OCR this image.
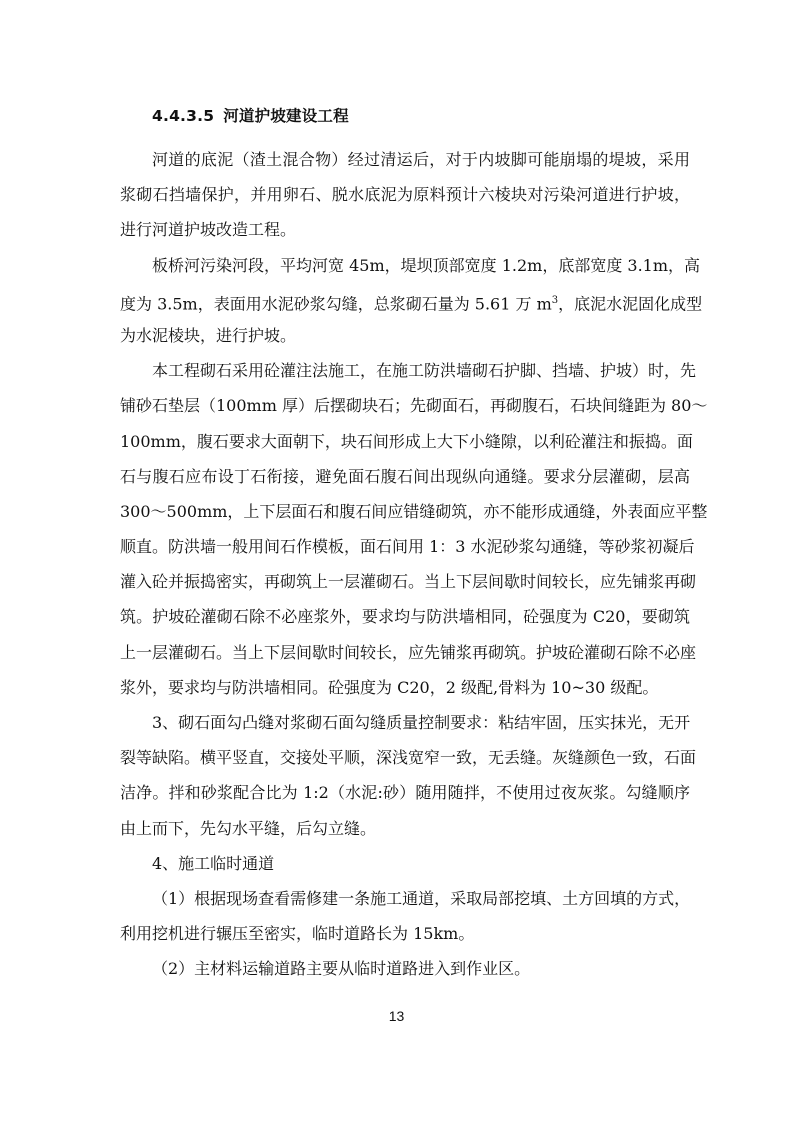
4.4.3.5 河道护坡建设工程
河道的底泥（渣土混合物）经过清运后，对于内坡脚可能崩塌的堤坡，采用
浆砌石挡墙保护，并用卵石、脱水底泥为原料预计六棱块对污染河道进行护坡，
进行河道护坡改造工程。
板桥河污染河段，平均河宽 45m，堤坝顶部宽度 1.2m，底部宽度 3.1m，高
度为 3.5m，表面用水泥砂浆勾缝，总浆砌石量为 5.61 万 $m^3$，底泥水泥固化成型
为水泥棱块，进行护坡。
本工程砌石采用砼灌注法施工，在施工防洪墙砌石护脚、挡墙、护坡）时，先
铺砂石垫层（100mm 厚）后摆砌块石；先砌面石，再砌腹石，石块间缝距为 80～
100mm，腹石要求大面朝下，块石间形成上大下小缝隙，以利砼灌注和振捣。面
石与腹石应布设丁石衔接，避免面石腹石间出现纵向通缝。要求分层灌砌，层高
300～500mm，上下层面石和腹石间应错缝砌筑，亦不能形成通缝，外表面应平整
顺直。防洪墙一般用间石作模板，面石间用 1：3 水泥砂浆勾通缝，等砂浆初凝后
灌入砼并振捣密实，再砌筑上一层灌砌石。当上下层间歇时间较长，应先铺浆再砌
筑。护坡砼灌砌石除不必座浆外，要求均与防洪墙相同，砼强度为 C20，要砌筑
上一层灌砌石。当上下层间歇时间较长，应先铺浆再砌筑。护坡砼灌砌石除不必座
浆外，要求均与防洪墙相同。砼强度为 C20，2 级配,骨料为 10~30 级配。
3、砌石面勾凸缝对浆砌石面勾缝质量控制要求：粘结牢固，压实抹光，无开
裂等缺陷。横平竖直，交接处平顺，深浅宽窄一致，无丢缝。灰缝颜色一致，石面
洁净。拌和砂浆配合比为 1:2（水泥:砂）随用随拌，不使用过夜灰浆。勾缝顺序
由上而下，先勾水平缝，后勾立缝。
4、施工临时通道
（1）根据现场查看需修建一条施工通道，采取局部挖填、土方回填的方式，
利用挖机进行辗压至密实，临时道路长为 15km。
（2）主材料运输道路主要从临时道路进入到作业区。
13
